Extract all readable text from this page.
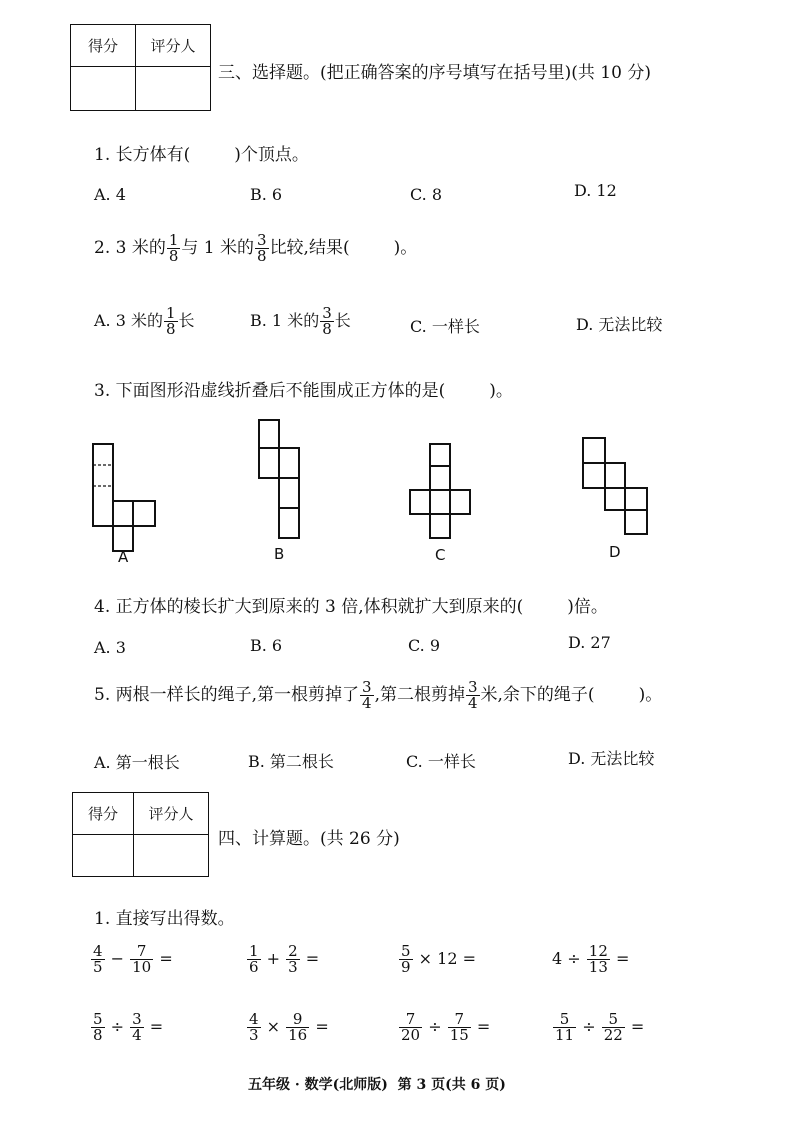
得分	评分人

三、选择题。(把正确答案的序号填写在括号里)(共 10 分)
1. 长方体有(	)个顶点。
A. 4	B. 6	C. 8	D. 12
2. 3 米的 $\frac{1}{8}$ 与 1 米的 $\frac{3}{8}$ 比较,结果(	)。
A. 3 米的 $\frac{1}{8}$ 长	B. 1 米的 $\frac{3}{8}$ 长	C. 一样长	D. 无法比较
3. 下面图形沿虚线折叠后不能围成正方体的是(	)。
A	B	C	D
4. 正方体的棱长扩大到原来的 3 倍,体积就扩大到原来的(	)倍。
A. 3	B. 6	C. 9	D. 27
5. 两根一样长的绳子,第一根剪掉了 $\frac{3}{4}$ ,第二根剪掉 $\frac{3}{4}$ 米,余下的绳子(	)。
A. 第一根长	B. 第二根长	C. 一样长	D. 无法比较
得分	评分人

四、计算题。(共 26 分)
1. 直接写出得数。
$\frac{4}{5} - \frac{7}{10}$ =	$\frac{1}{6} + \frac{2}{3}$ =	$\frac{5}{9} \times 12$ =	$4 \div \frac{12}{13}$ =
$\frac{5}{8} \div \frac{3}{4}$ =	$\frac{4}{3} \times \frac{9}{16}$ =	$\frac{7}{20} \div \frac{7}{15}$ =	$\frac{5}{11} \div \frac{5}{22}$ =
五年级 · 数学(北师版)  第 3 页(共 6 页)
